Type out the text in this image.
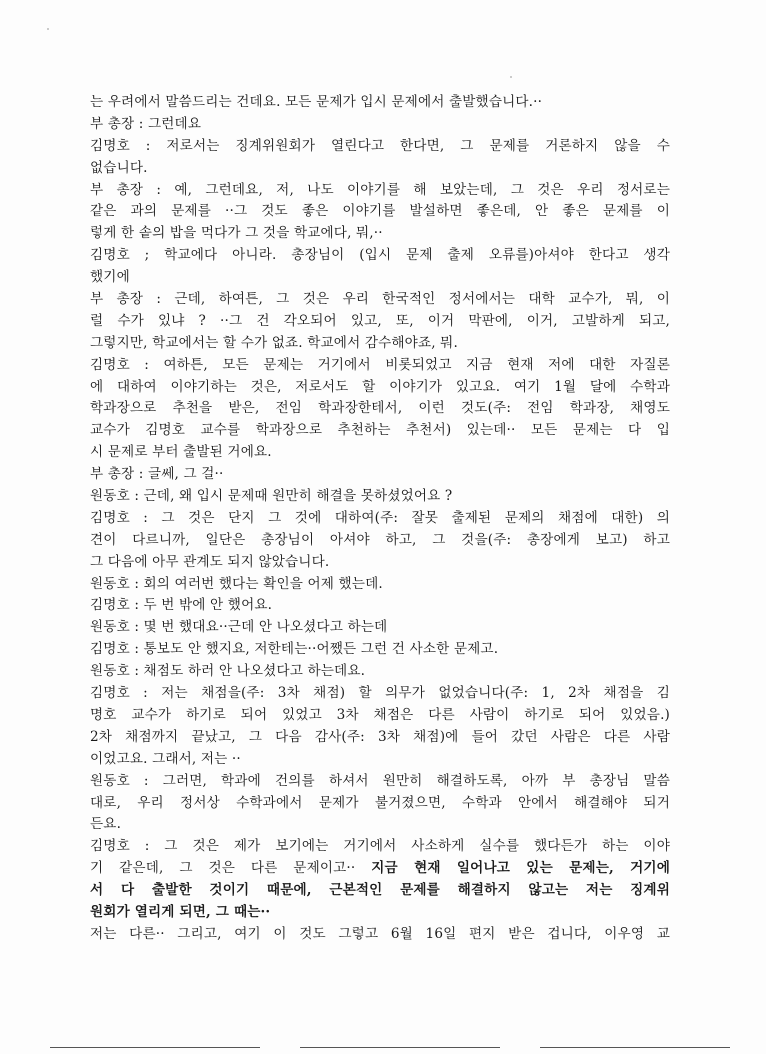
는 우려에서 말씀드리는 건데요. 모든 문제가 입시 문제에서 출발했습니다.··
부 총장 : 그런데요
김명호 : 저로서는 징계위원회가 열린다고 한다면, 그 문제를 거론하지 않을 수
없습니다.
부 총장 : 예, 그런데요, 저, 나도 이야기를 해 보았는데, 그 것은 우리 정서로는
같은 과의 문제를 ··그 것도 좋은 이야기를 발설하면 좋은데, 안 좋은 문제를 이
렇게 한 솥의 밥을 먹다가 그 것을 학교에다, 뭐,··
김명호 ; 학교에다 아니라. 총장님이 (입시 문제 출제 오류를)아셔야 한다고 생각
했기에
부 총장 : 근데, 하여튼, 그 것은 우리 한국적인 정서에서는 대학 교수가, 뭐, 이
럴 수가 있냐 ? ··그 건 각오되어 있고, 또, 이거 막판에, 이거, 고발하게 되고,
그렇지만, 학교에서는 할 수가 없죠. 학교에서 감수해야죠, 뭐.
김명호 : 여하튼, 모든 문제는 거기에서 비롯되었고 지금 현재 저에 대한 자질론
에 대하여 이야기하는 것은, 저로서도 할 이야기가 있고요. 여기 1월 달에 수학과
학과장으로 추천을 받은, 전임 학과장한테서, 이런 것도(주: 전임 학과장, 채영도
교수가 김명호 교수를 학과장으로 추천하는 추천서) 있는데·· 모든 문제는 다 입
시 문제로 부터 출발된 거에요.
부 총장 : 글쎄, 그 걸··
원동호 : 근데, 왜 입시 문제때 원만히 해결을 못하셨었어요 ?
김명호 : 그 것은 단지 그 것에 대하여(주: 잘못 출제된 문제의 채점에 대한) 의
견이 다르니까, 일단은 총장님이 아셔야 하고, 그 것을(주: 총장에게 보고) 하고
그 다음에 아무 관계도 되지 않았습니다.
원동호 : 회의 여러번 했다는 확인을 어제 했는데.
김명호 : 두 번 밖에 안 했어요.
원동호 : 몇 번 했대요··근데 안 나오셨다고 하는데
김명호 : 통보도 안 했지요, 저한테는··어쨌든 그런 건 사소한 문제고.
원동호 : 채점도 하러 안 나오셨다고 하는데요.
김명호 : 저는 채점을(주: 3차 채점) 할 의무가 없었습니다(주: 1, 2차 채점을 김
명호 교수가 하기로 되어 있었고 3차 채점은 다른 사람이 하기로 되어 있었음.)
2차 채점까지 끝났고, 그 다음 감사(주: 3차 채점)에 들어 갔던 사람은 다른 사람
이었고요. 그래서, 저는 ··
원동호 : 그러면, 학과에 건의를 하셔서 원만히 해결하도록, 아까 부 총장님 말씀
대로, 우리 정서상 수학과에서 문제가 불거졌으면, 수학과 안에서 해결해야 되거
든요.
김명호 : 그 것은 제가 보기에는 거기에서 사소하게 실수를 했다든가 하는 이야
기 같은데, 그 것은 다른 문제이고·· 지금 현재 일어나고 있는 문제는, 거기에
서 다 출발한 것이기 때문에, 근본적인 문제를 해결하지 않고는 저는 징계위
원회가 열리게 되면, 그 때는··
저는 다른·· 그리고, 여기 이 것도 그렇고 6월 16일 편지 받은 겁니다, 이우영 교
